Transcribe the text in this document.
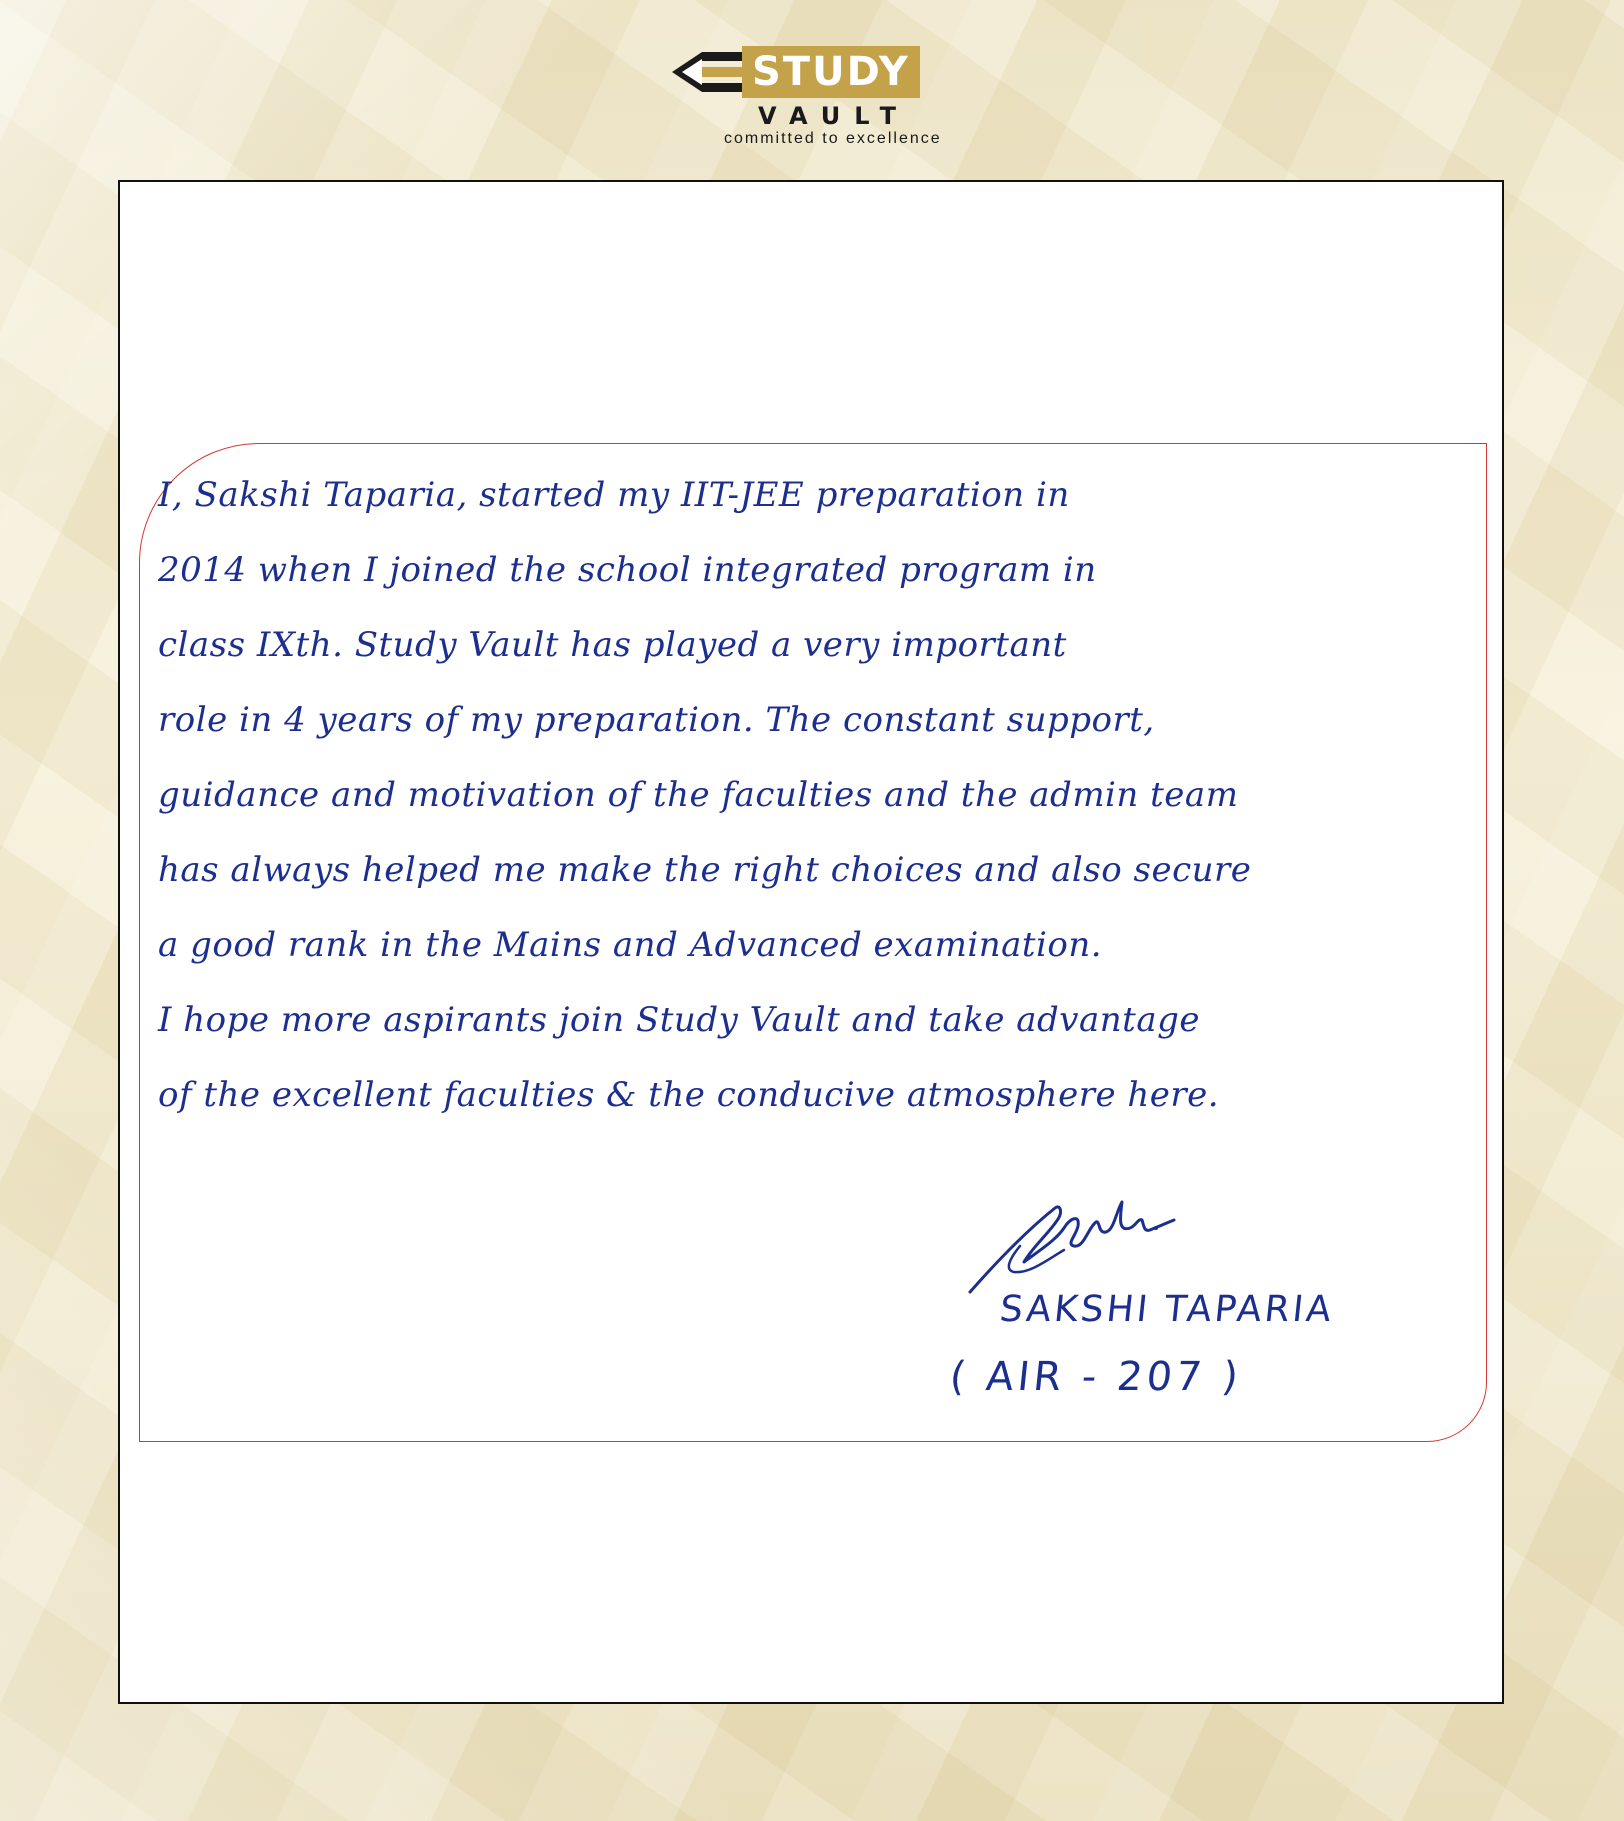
STUDY
VAULT
committed to excellence

I, Sakshi Taparia, started my IIT-JEE preparation in
2014 when I joined the school integrated program in
class IXth. Study Vault has played a very important
role in 4 years of my preparation. The constant support,
guidance and motivation of the faculties and the admin team
has always helped me make the right choices and also secure
a good rank in the Mains and Advanced examination.
I hope more aspirants join Study Vault and take advantage
of the excellent faculties & the conducive atmosphere here.

SAKSHI TAPARIA
( AIR - 207 )
